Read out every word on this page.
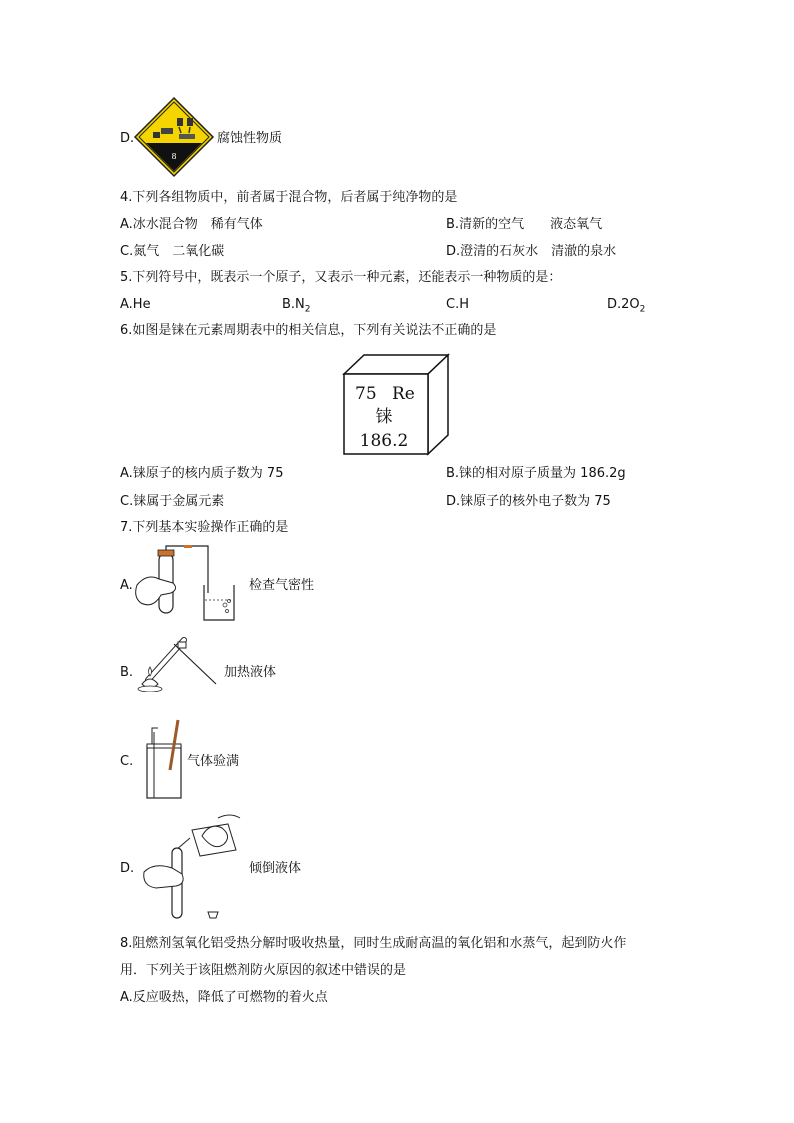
D.
8
腐蚀性物质
4.下列各组物质中，前者属于混合物，后者属于纯净物的是
A.冰水混合物　稀有气体	B.清新的空气　　液态氧气
C.氮气　二氧化碳	D.澄清的石灰水　清澈的泉水
5.下列符号中，既表示一个原子，又表示一种元素，还能表示一种物质的是：
A.He	$B.N_2$	C.H	$D.2O_2$
6.如图是铼在元素周期表中的相关信息，下列有关说法不正确的是
75 Re
铼
186.2
A.铼原子的核内质子数为 75	B.铼的相对原子质量为 186.2g
C.铼属于金属元素	D.铼原子的核外电子数为 75
7.下列基本实验操作正确的是
A.	检查气密性
B.	加热液体
C.	气体验满
D.	倾倒液体
8.阻燃剂氢氧化铝受热分解时吸收热量，同时生成耐高温的氧化铝和水蒸气，起到防火作
用．下列关于该阻燃剂防火原因的叙述中错误的是
A.反应吸热，降低了可燃物的着火点
